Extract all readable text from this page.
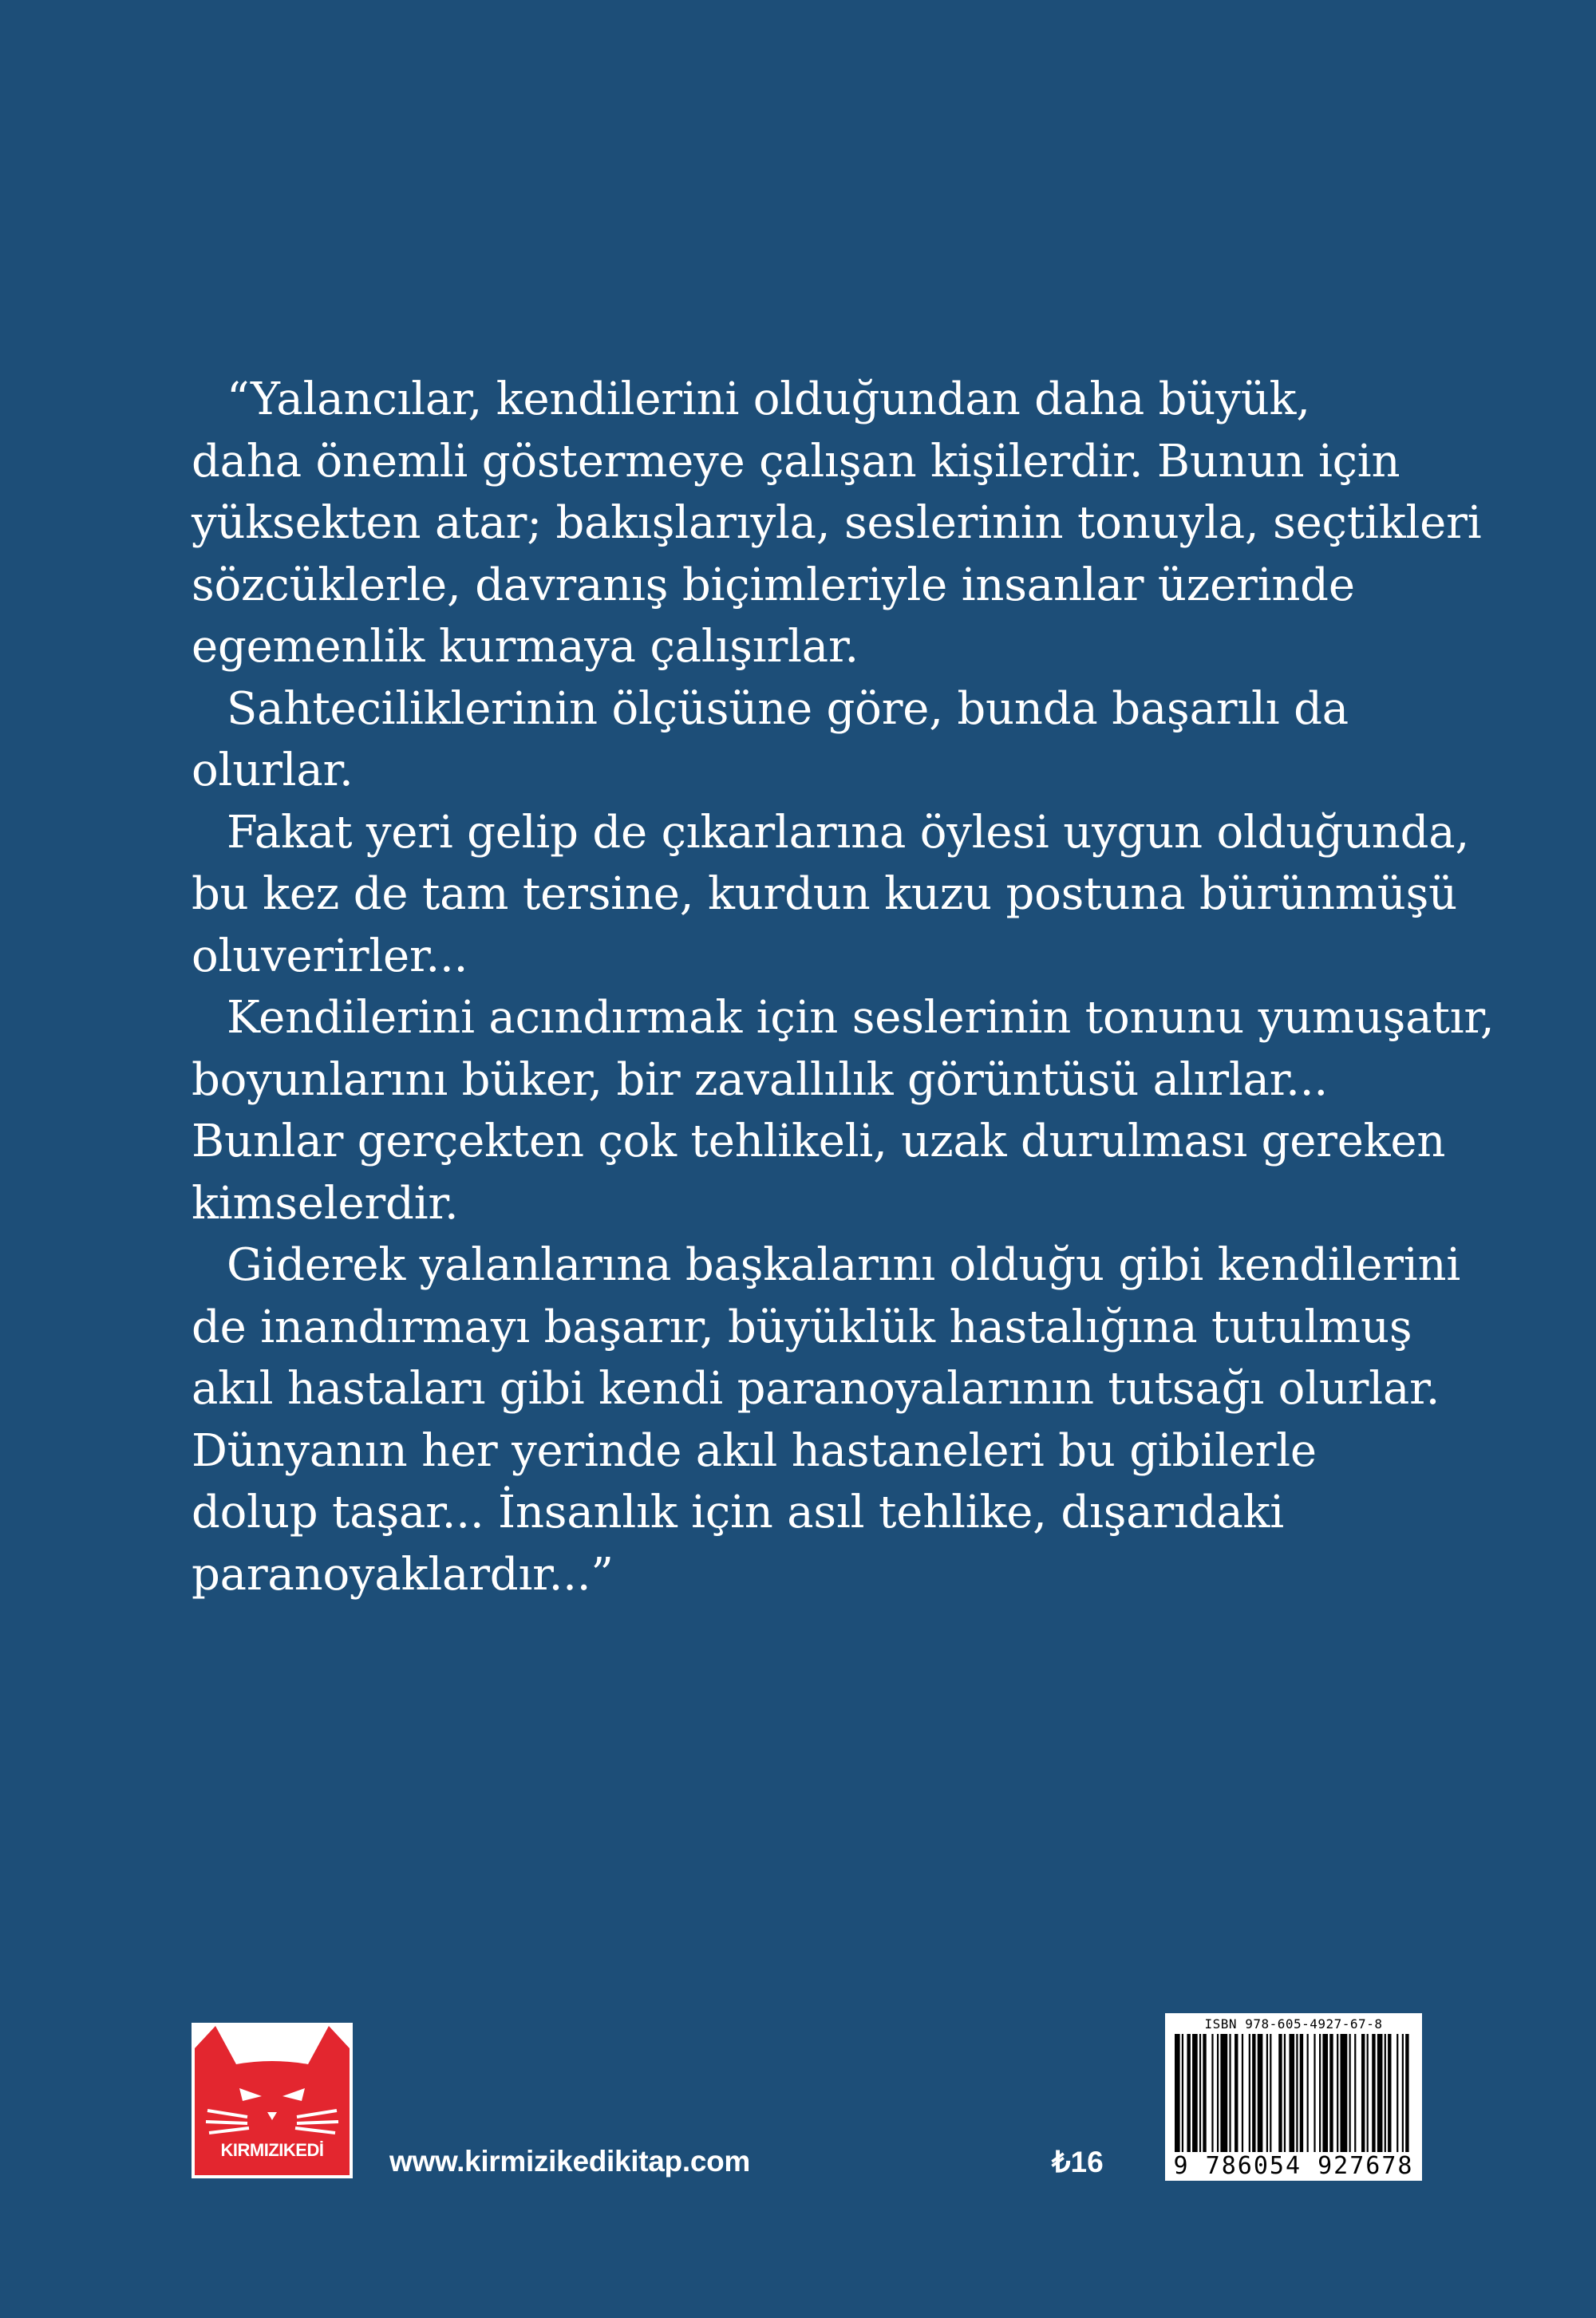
“Yalancılar, kendilerini olduğundan daha büyük,
daha önemli göstermeye çalışan kişilerdir. Bunun için
yüksekten atar; bakışlarıyla, seslerinin tonuyla, seçtikleri
sözcüklerle, davranış biçimleriyle insanlar üzerinde
egemenlik kurmaya çalışırlar.
Sahteciliklerinin ölçüsüne göre, bunda başarılı da
olurlar.
Fakat yeri gelip de çıkarlarına öylesi uygun olduğunda,
bu kez de tam tersine, kurdun kuzu postuna bürünmüşü
oluverirler...
Kendilerini acındırmak için seslerinin tonunu yumuşatır,
boyunlarını büker, bir zavallılık görüntüsü alırlar...
Bunlar gerçekten çok tehlikeli, uzak durulması gereken
kimselerdir.
Giderek yalanlarına başkalarını olduğu gibi kendilerini
de inandırmayı başarır, büyüklük hastalığına tutulmuş
akıl hastaları gibi kendi paranoyalarının tutsağı olurlar.
Dünyanın her yerinde akıl hastaneleri bu gibilerle
dolup taşar... İnsanlık için asıl tehlike, dışarıdaki
paranoyaklardır...”
KIRMIZIKEDİ	www.kirmizikedikitap.com	₺16
ISBN 978-605-4927-67-8
9 786054 927678
